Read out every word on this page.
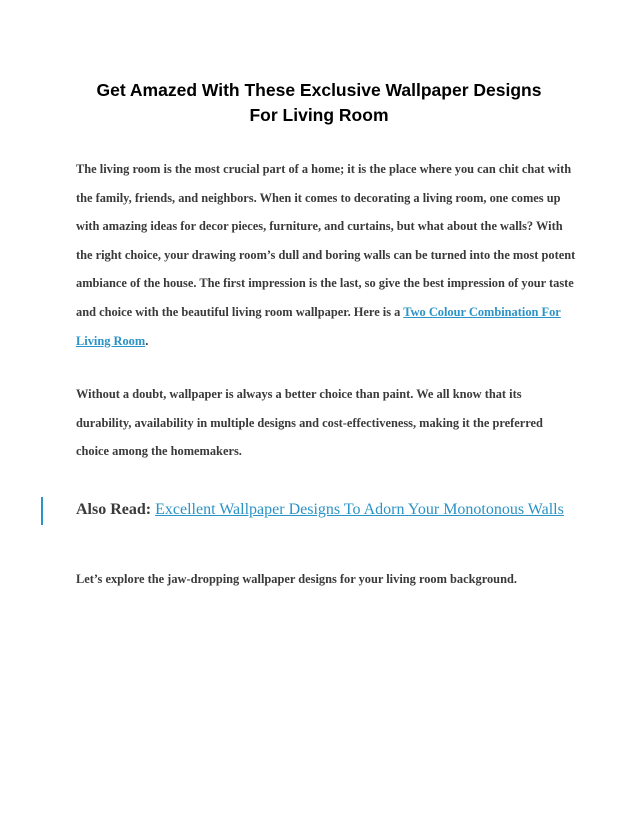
Get Amazed With These Exclusive Wallpaper Designs
For Living Room

The living room is the most crucial part of a home; it is the place where you can chit chat with the family, friends, and neighbors. When it comes to decorating a living room, one comes up with amazing ideas for decor pieces, furniture, and curtains, but what about the walls? With the right choice, your drawing room’s dull and boring walls can be turned into the most potent ambiance of the house. The first impression is the last, so give the best impression of your taste and choice with the beautiful living room wallpaper. Here is a Two Colour Combination For Living Room.

Without a doubt, wallpaper is always a better choice than paint. We all know that its durability, availability in multiple designs and cost-effectiveness, making it the preferred choice among the homemakers.

Also Read: Excellent Wallpaper Designs To Adorn Your Monotonous Walls

Let’s explore the jaw-dropping wallpaper designs for your living room background.
